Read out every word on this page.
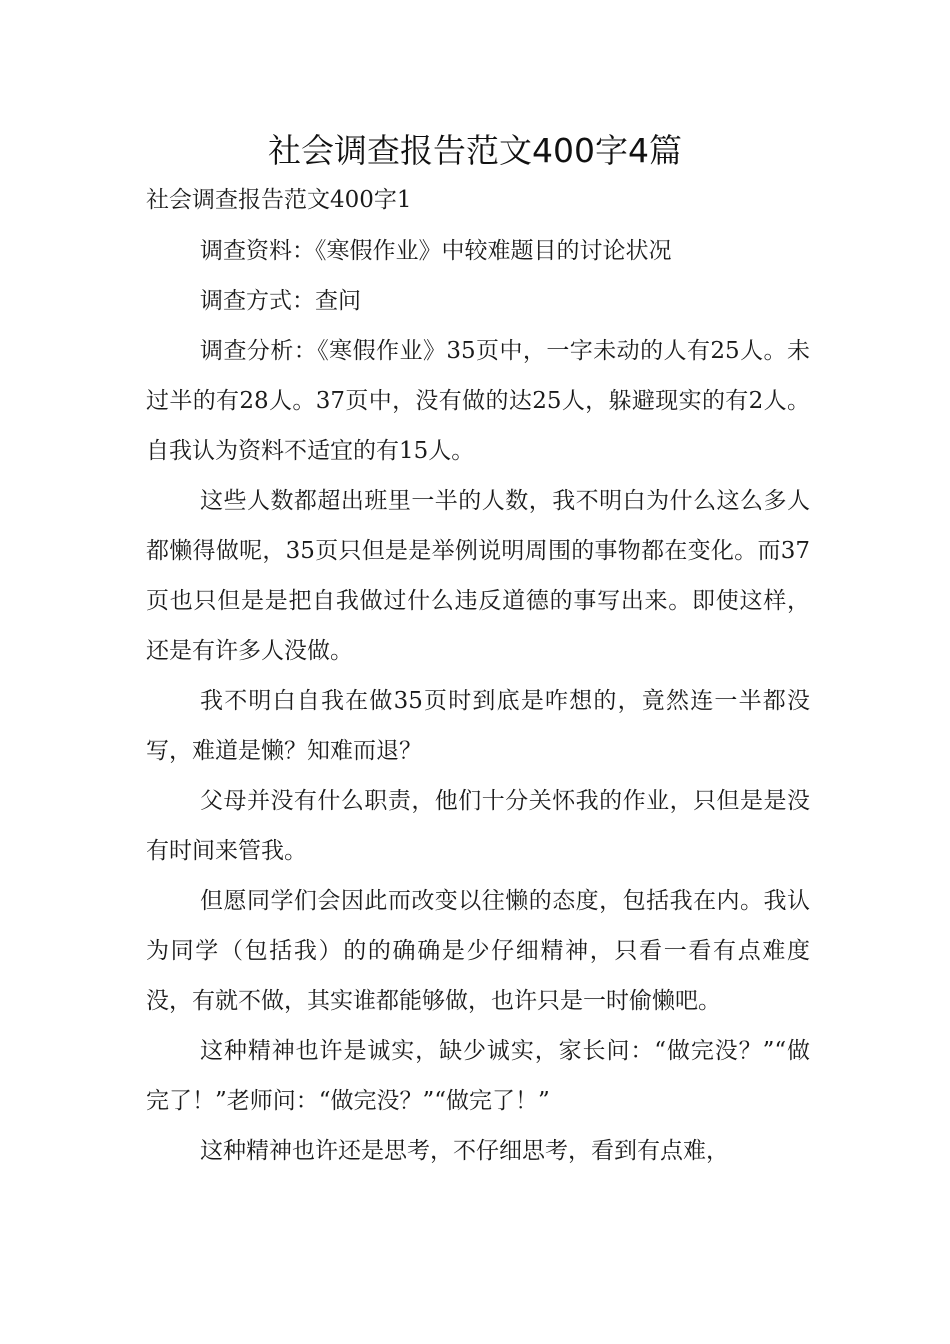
社会调查报告范文400字4篇

社会调查报告范文400字1

调查资料：《寒假作业》中较难题目的讨论状况

调查方式：查问

调查分析：《寒假作业》35页中，一字未动的人有25人。未过半的有28人。37页中，没有做的达25人，躲避现实的有2人。自我认为资料不适宜的有15人。

这些人数都超出班里一半的人数，我不明白为什么这么多人都懒得做呢，35页只但是是举例说明周围的事物都在变化。而37页也只但是是把自我做过什么违反道德的事写出来。即使这样，还是有许多人没做。

我不明白自我在做35页时到底是咋想的，竟然连一半都没写，难道是懒？知难而退？

父母并没有什么职责，他们十分关怀我的作业，只但是是没有时间来管我。

但愿同学们会因此而改变以往懒的态度，包括我在内。我认为同学（包括我）的的确确是少仔细精神，只看一看有点难度没，有就不做，其实谁都能够做，也许只是一时偷懒吧。

这种精神也许是诚实，缺少诚实，家长问：“做完没？”“做完了！”老师问：“做完没？”“做完了！”

这种精神也许还是思考，不仔细思考，看到有点难，
